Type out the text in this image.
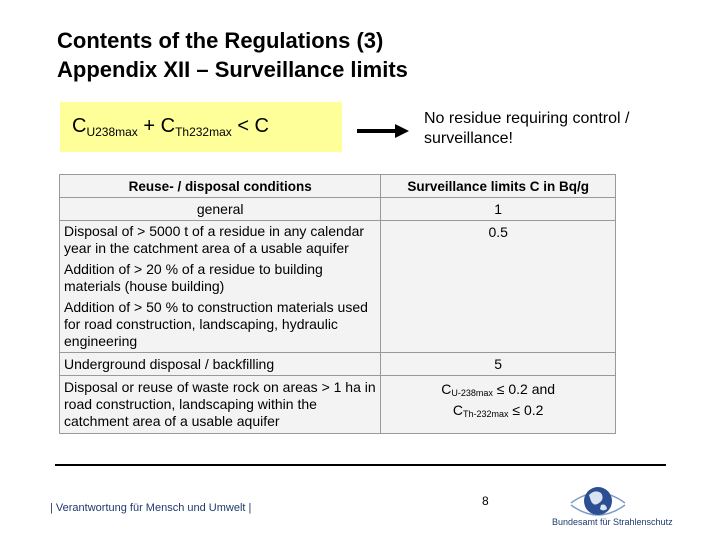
Contents of the Regulations (3)
Appendix XII – Surveillance limits
$C_{U238max} + C_{Th232max} < C$	No residue requiring control /
surveillance!
Reuse- / disposal conditions	Surveillance limits C in Bq/g
general	1

Disposal of > 5000 t of a residue in any calendar year in the catchment area of a usable aquifer
Addition of > 20 % of a residue to building materials (house building)
Addition of > 50 % to construction materials used for road construction, landscaping, hydraulic engineering	0.5
Underground disposal / backfilling	5
Disposal or reuse of waste rock on areas > 1 ha in road construction, landscaping within the catchment area of a usable aquifer	$C_{U-238max} \le 0.2$ and
$C_{Th-232max} \le 0.2$
| Verantwortung für Mensch und Umwelt |	8
Bundesamt für Strahlenschutz
